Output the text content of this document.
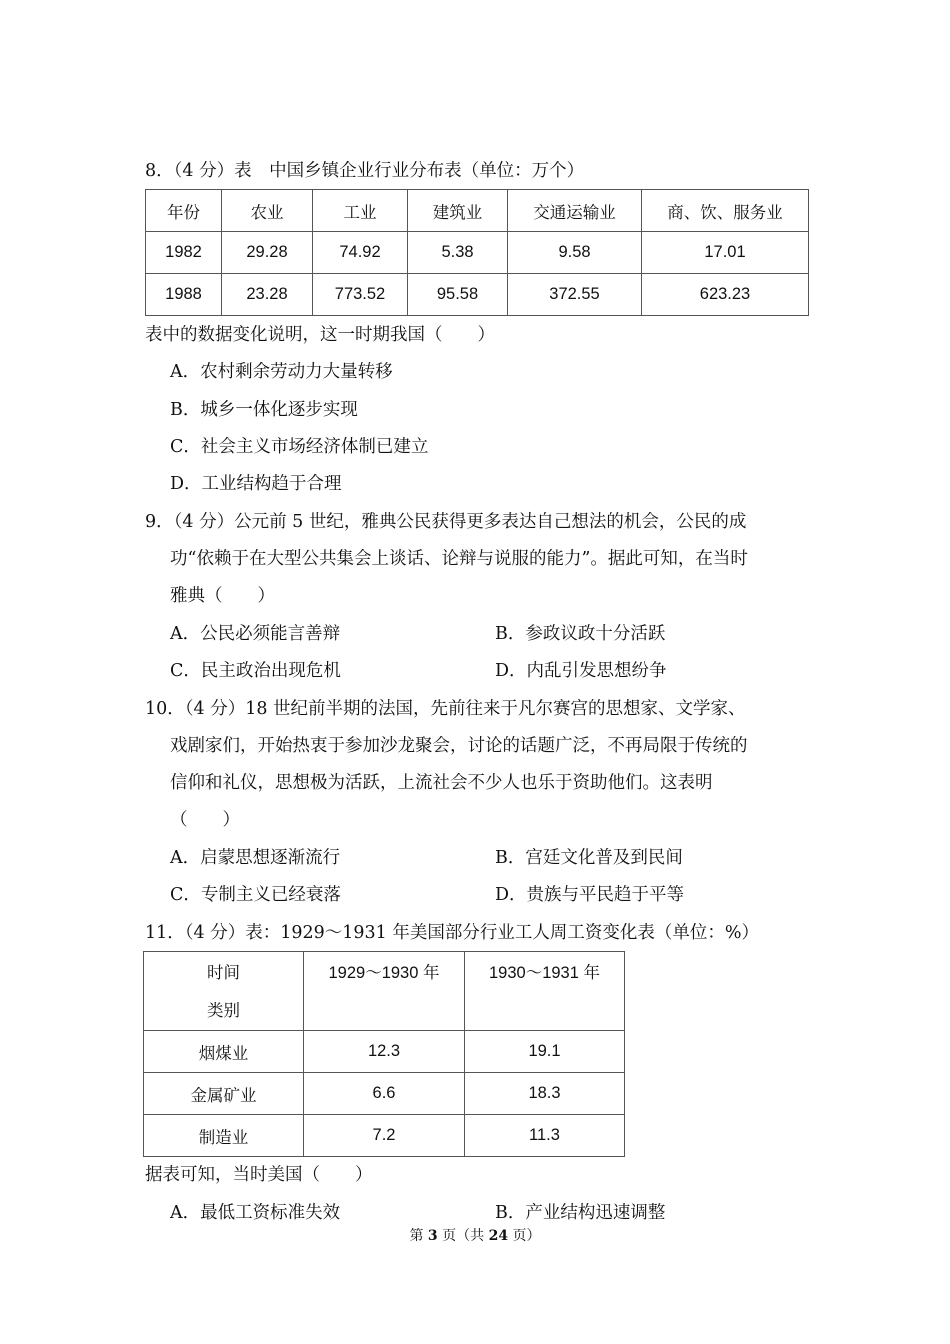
8．（4 分）表　中国乡镇企业行业分布表（单位：万个）
年份	农业	工业	建筑业	交通运输业	商、饮、服务业
1982	29.28	74.92	5.38	9.58	17.01
1988	23.28	773.52	95.58	372.55	623.23
表中的数据变化说明，这一时期我国（　　）
A．农村剩余劳动力大量转移
B．城乡一体化逐步实现
C．社会主义市场经济体制已建立
D．工业结构趋于合理
9．（4 分）公元前 5 世纪，雅典公民获得更多表达自己想法的机会，公民的成
功“依赖于在大型公共集会上谈话、论辩与说服的能力”。据此可知，在当时
雅典（　　）
A．公民必须能言善辩	B．参政议政十分活跃
C．民主政治出现危机	D．内乱引发思想纷争
10．（4 分）18 世纪前半期的法国，先前往来于凡尔赛宫的思想家、文学家、
戏剧家们，开始热衷于参加沙龙聚会，讨论的话题广泛，不再局限于传统的
信仰和礼仪，思想极为活跃，上流社会不少人也乐于资助他们。这表明
（　　）
A．启蒙思想逐渐流行	B．宫廷文化普及到民间
C．专制主义已经衰落	D．贵族与平民趋于平等
11．（4 分）表：1929～1931 年美国部分行业工人周工资变化表（单位：%）
时间
类别	1929～1930 年	1930～1931 年

烟煤业	12.3	19.1
金属矿业	6.6	18.3
制造业	7.2	11.3
据表可知，当时美国（　　）
A．最低工资标准失效	B．产业结构迅速调整
第 3 页（共 24 页）
